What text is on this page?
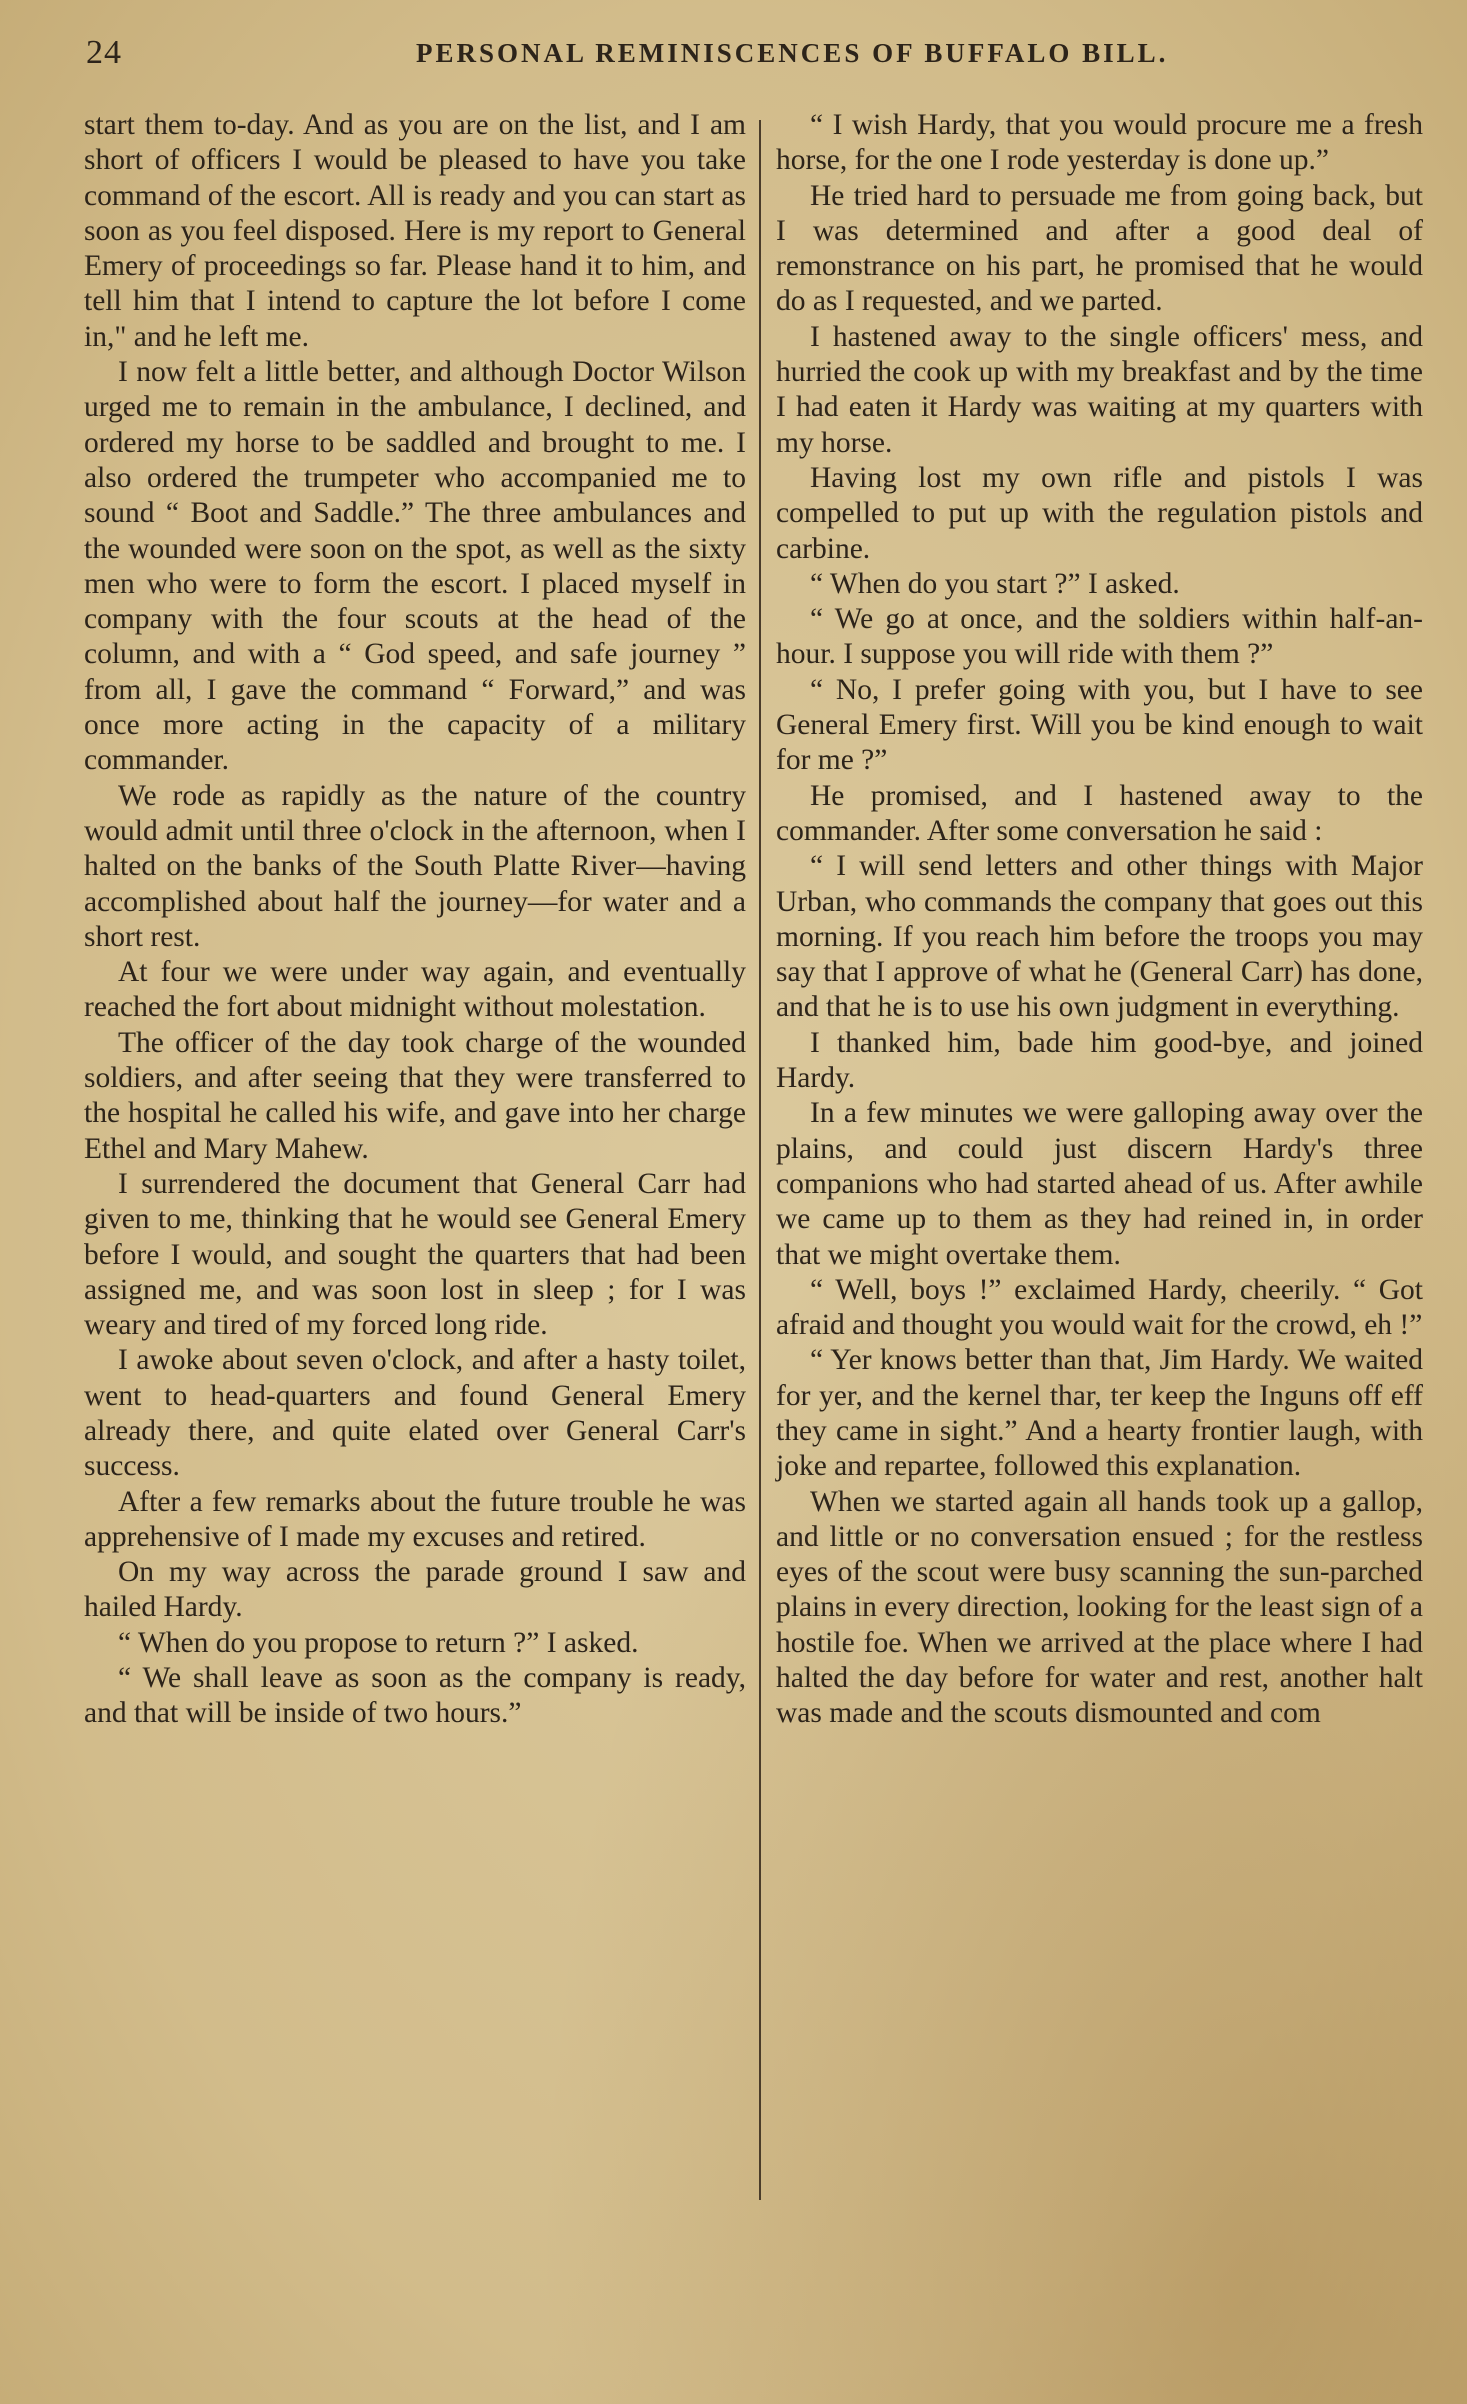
24	PERSONAL REMINISCENCES OF BUFFALO BILL.

start them to-day. And as you are on the list, and I am short of officers I would be pleased to have you take command of the escort. All is ready and you can start as soon as you feel disposed. Here is my report to General Emery of proceedings so far. Please hand it to him, and tell him that I intend to capture the lot before I come in," and he left me.

I now felt a little better, and although Doctor Wilson urged me to remain in the ambulance, I declined, and ordered my horse to be saddled and brought to me. I also ordered the trumpeter who accompanied me to sound “ Boot and Saddle.” The three ambulances and the wounded were soon on the spot, as well as the sixty men who were to form the escort. I placed myself in company with the four scouts at the head of the column, and with a “ God speed, and safe journey ” from all, I gave the command “ Forward,” and was once more acting in the capacity of a military commander.

We rode as rapidly as the nature of the country would admit until three o'clock in the afternoon, when I halted on the banks of the South Platte River—having accomplished about half the journey—for water and a short rest.

At four we were under way again, and eventually reached the fort about midnight without molestation.

The officer of the day took charge of the wounded soldiers, and after seeing that they were transferred to the hospital he called his wife, and gave into her charge Ethel and Mary Mahew.

I surrendered the document that General Carr had given to me, thinking that he would see General Emery before I would, and sought the quarters that had been assigned me, and was soon lost in sleep ; for I was weary and tired of my forced long ride.

I awoke about seven o'clock, and after a hasty toilet, went to head-quarters and found General Emery already there, and quite elated over General Carr's success.

After a few remarks about the future trouble he was apprehensive of I made my excuses and retired.

On my way across the parade ground I saw and hailed Hardy.

“ When do you propose to return ?” I asked.

“ We shall leave as soon as the company is ready, and that will be inside of two hours.”

“ I wish Hardy, that you would procure me a fresh horse, for the one I rode yesterday is done up.”

He tried hard to persuade me from going back, but I was determined and after a good deal of remonstrance on his part, he promised that he would do as I requested, and we parted.

I hastened away to the single officers' mess, and hurried the cook up with my breakfast and by the time I had eaten it Hardy was waiting at my quarters with my horse.

Having lost my own rifle and pistols I was compelled to put up with the regulation pistols and carbine.

“ When do you start ?” I asked.

“ We go at once, and the soldiers within half-an-hour. I suppose you will ride with them ?”

“ No, I prefer going with you, but I have to see General Emery first. Will you be kind enough to wait for me ?”

He promised, and I hastened away to the commander. After some conversation he said :

“ I will send letters and other things with Major Urban, who commands the company that goes out this morning. If you reach him before the troops you may say that I approve of what he (General Carr) has done, and that he is to use his own judgment in everything.

I thanked him, bade him good-bye, and joined Hardy.

In a few minutes we were galloping away over the plains, and could just discern Hardy's three companions who had started ahead of us. After awhile we came up to them as they had reined in, in order that we might overtake them.

“ Well, boys !” exclaimed Hardy, cheerily. “ Got afraid and thought you would wait for the crowd, eh !”

“ Yer knows better than that, Jim Hardy. We waited for yer, and the kernel thar, ter keep the Inguns off eff they came in sight.” And a hearty frontier laugh, with joke and repartee, followed this explanation.

When we started again all hands took up a gallop, and little or no conversation ensued ; for the restless eyes of the scout were busy scanning the sun-parched plains in every direction, looking for the least sign of a hostile foe. When we arrived at the place where I had halted the day before for water and rest, another halt was made and the scouts dismounted and com
